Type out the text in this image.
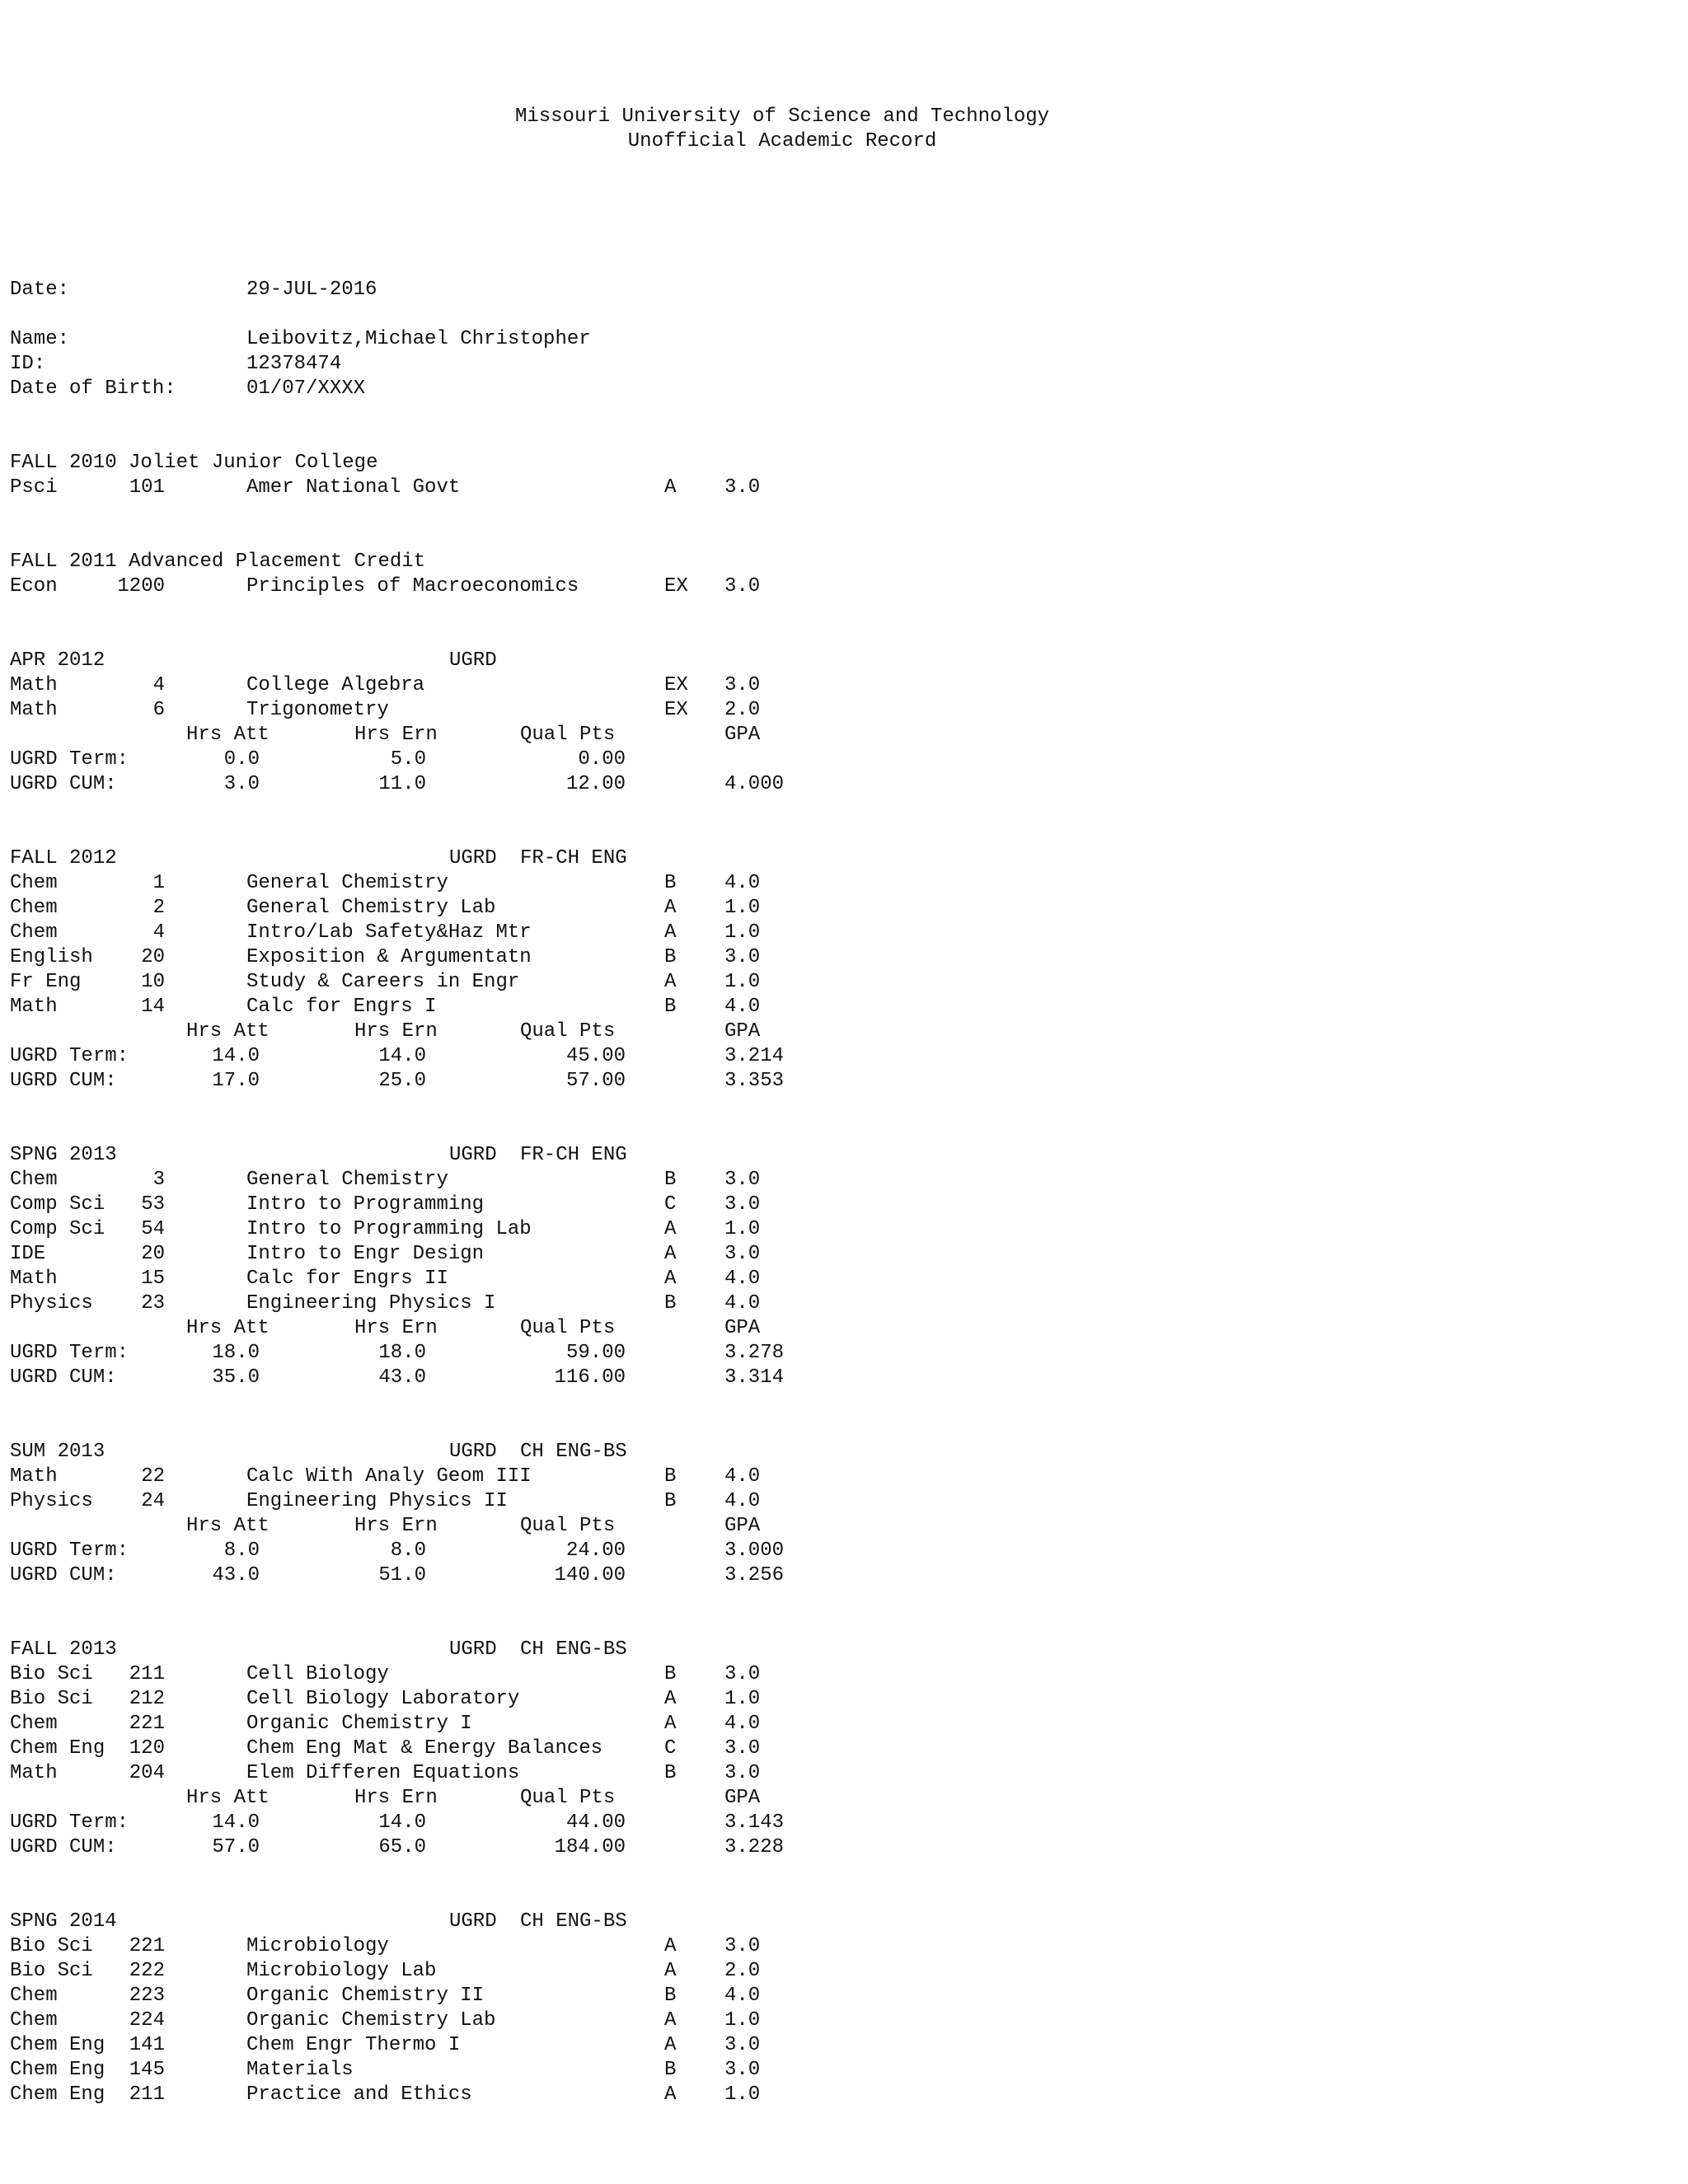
Missouri University of Science and Technology
Unofficial Academic Record
Date:	29-JUL-2016
Name:	Leibovitz,Michael Christopher
ID:	12378474
Date of Birth:	01/07/XXXX
FALL 2010 Joliet Junior College
Psci	101	Amer National Govt	A 3.0
FALL 2011 Advanced Placement Credit
Econ	1200	Principles of Macroeconomics	EX 3.0
APR 2012	UGRD
Math	4	College Algebra	EX 3.0
Math	6	Trigonometry	EX 2.0
Hrs Att	Hrs Ern	Qual Pts	GPA
UGRD Term:	0.0	5.0	0.00
UGRD CUM:	3.0	11.0	12.00	4.000
FALL 2012	UGRD FR-CH ENG
Chem	1	General Chemistry	B 4.0
Chem	2	General Chemistry Lab	A 1.0
Chem	4	Intro/Lab Safety&Haz Mtr	A 1.0
English	20	Exposition & Argumentatn	B 3.0
Fr Eng	10	Study & Careers in Engr	A 1.0
Math	14	Calc for Engrs I	B 4.0
Hrs Att	Hrs Ern	Qual Pts	GPA
UGRD Term:	14.0	14.0	45.00	3.214
UGRD CUM:	17.0	25.0	57.00	3.353
SPNG 2013	UGRD FR-CH ENG
Chem	3	General Chemistry	B 3.0
Comp Sci	53	Intro to Programming	C 3.0
Comp Sci	54	Intro to Programming Lab	A 1.0
IDE	20	Intro to Engr Design	A 3.0
Math	15	Calc for Engrs II	A 4.0
Physics	23	Engineering Physics I	B 4.0
Hrs Att	Hrs Ern	Qual Pts	GPA
UGRD Term:	18.0	18.0	59.00	3.278
UGRD CUM:	35.0	43.0	116.00	3.314
SUM 2013	UGRD CH ENG-BS
Math	22	Calc With Analy Geom III	B 4.0
Physics	24	Engineering Physics II	B 4.0
Hrs Att	Hrs Ern	Qual Pts	GPA
UGRD Term:	8.0	8.0	24.00	3.000
UGRD CUM:	43.0	51.0	140.00	3.256
FALL 2013	UGRD CH ENG-BS
Bio Sci	211	Cell Biology	B 3.0
Bio Sci	212	Cell Biology Laboratory	A 1.0
Chem	221	Organic Chemistry I	A 4.0
Chem Eng	120	Chem Eng Mat & Energy Balances	C 3.0
Math	204	Elem Differen Equations	B 3.0
Hrs Att	Hrs Ern	Qual Pts	GPA
UGRD Term:	14.0	14.0	44.00	3.143
UGRD CUM:	57.0	65.0	184.00	3.228
SPNG 2014	UGRD CH ENG-BS
Bio Sci	221	Microbiology	A 3.0
Bio Sci	222	Microbiology Lab	A 2.0
Chem	223	Organic Chemistry II	B 4.0
Chem	224	Organic Chemistry Lab	A 1.0
Chem Eng	141	Chem Engr Thermo I	A 3.0
Chem Eng	145	Materials	B 3.0
Chem Eng	211	Practice and Ethics	A 1.0
